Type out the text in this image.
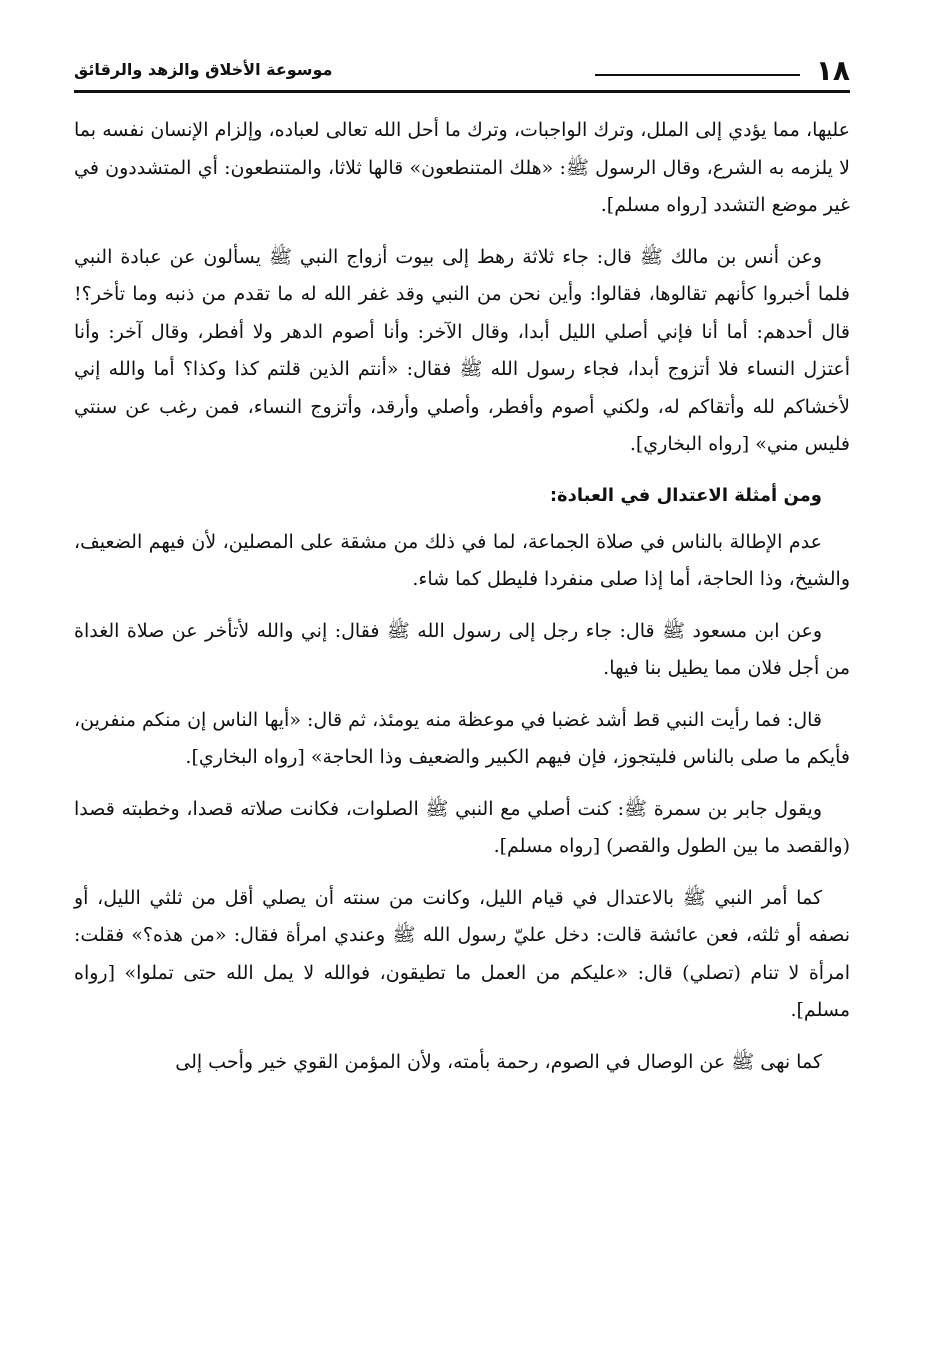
١٨
موسوعة الأخلاق والزهد والرقائق

عليها، مما يؤدي إلى الملل، وترك الواجبات، وترك ما أحل الله تعالى لعباده، وإلزام الإنسان نفسه بما لا يلزمه به الشرع، وقال الرسول ﷺ: «هلك المتنطعون» قالها ثلاثا، والمتنطعون: أي المتشددون في غير موضع التشدد [رواه مسلم].

وعن أنس بن مالك ﷺ قال: جاء ثلاثة رهط إلى بيوت أزواج النبي ﷺ يسألون عن عبادة النبي فلما أخبروا كأنهم تقالوها، فقالوا: وأين نحن من النبي وقد غفر الله له ما تقدم من ذنبه وما تأخر؟! قال أحدهم: أما أنا فإني أصلي الليل أبدا، وقال الآخر: وأنا أصوم الدهر ولا أفطر، وقال آخر: وأنا أعتزل النساء فلا أتزوج أبدا، فجاء رسول الله ﷺ فقال: «أنتم الذين قلتم كذا وكذا؟ أما والله إني لأخشاكم لله وأتقاكم له، ولكني أصوم وأفطر، وأصلي وأرقد، وأتزوج النساء، فمن رغب عن سنتي فليس مني» [رواه البخاري].

ومن أمثلة الاعتدال في العبادة:

عدم الإطالة بالناس في صلاة الجماعة، لما في ذلك من مشقة على المصلين، لأن فيهم الضعيف، والشيخ، وذا الحاجة، أما إذا صلى منفردا فليطل كما شاء.

وعن ابن مسعود ﷺ قال: جاء رجل إلى رسول الله ﷺ فقال: إني والله لأتأخر عن صلاة الغداة من أجل فلان مما يطيل بنا فيها.

قال: فما رأيت النبي قط أشد غضبا في موعظة منه يومئذ، ثم قال: «أيها الناس إن منكم منفرين، فأيكم ما صلى بالناس فليتجوز، فإن فيهم الكبير والضعيف وذا الحاجة» [رواه البخاري].

ويقول جابر بن سمرة ﷺ: كنت أصلي مع النبي ﷺ الصلوات، فكانت صلاته قصدا، وخطبته قصدا (والقصد ما بين الطول والقصر) [رواه مسلم].

كما أمر النبي ﷺ بالاعتدال في قيام الليل، وكانت من سنته أن يصلي أقل من ثلثي الليل، أو نصفه أو ثلثه، فعن عائشة قالت: دخل عليّ رسول الله ﷺ وعندي امرأة فقال: «من هذه؟» فقلت: امرأة لا تنام (تصلي) قال: «عليكم من العمل ما تطيقون، فوالله لا يمل الله حتى تملوا» [رواه مسلم].

كما نهى ﷺ عن الوصال في الصوم، رحمة بأمته، ولأن المؤمن القوي خير وأحب إلى
